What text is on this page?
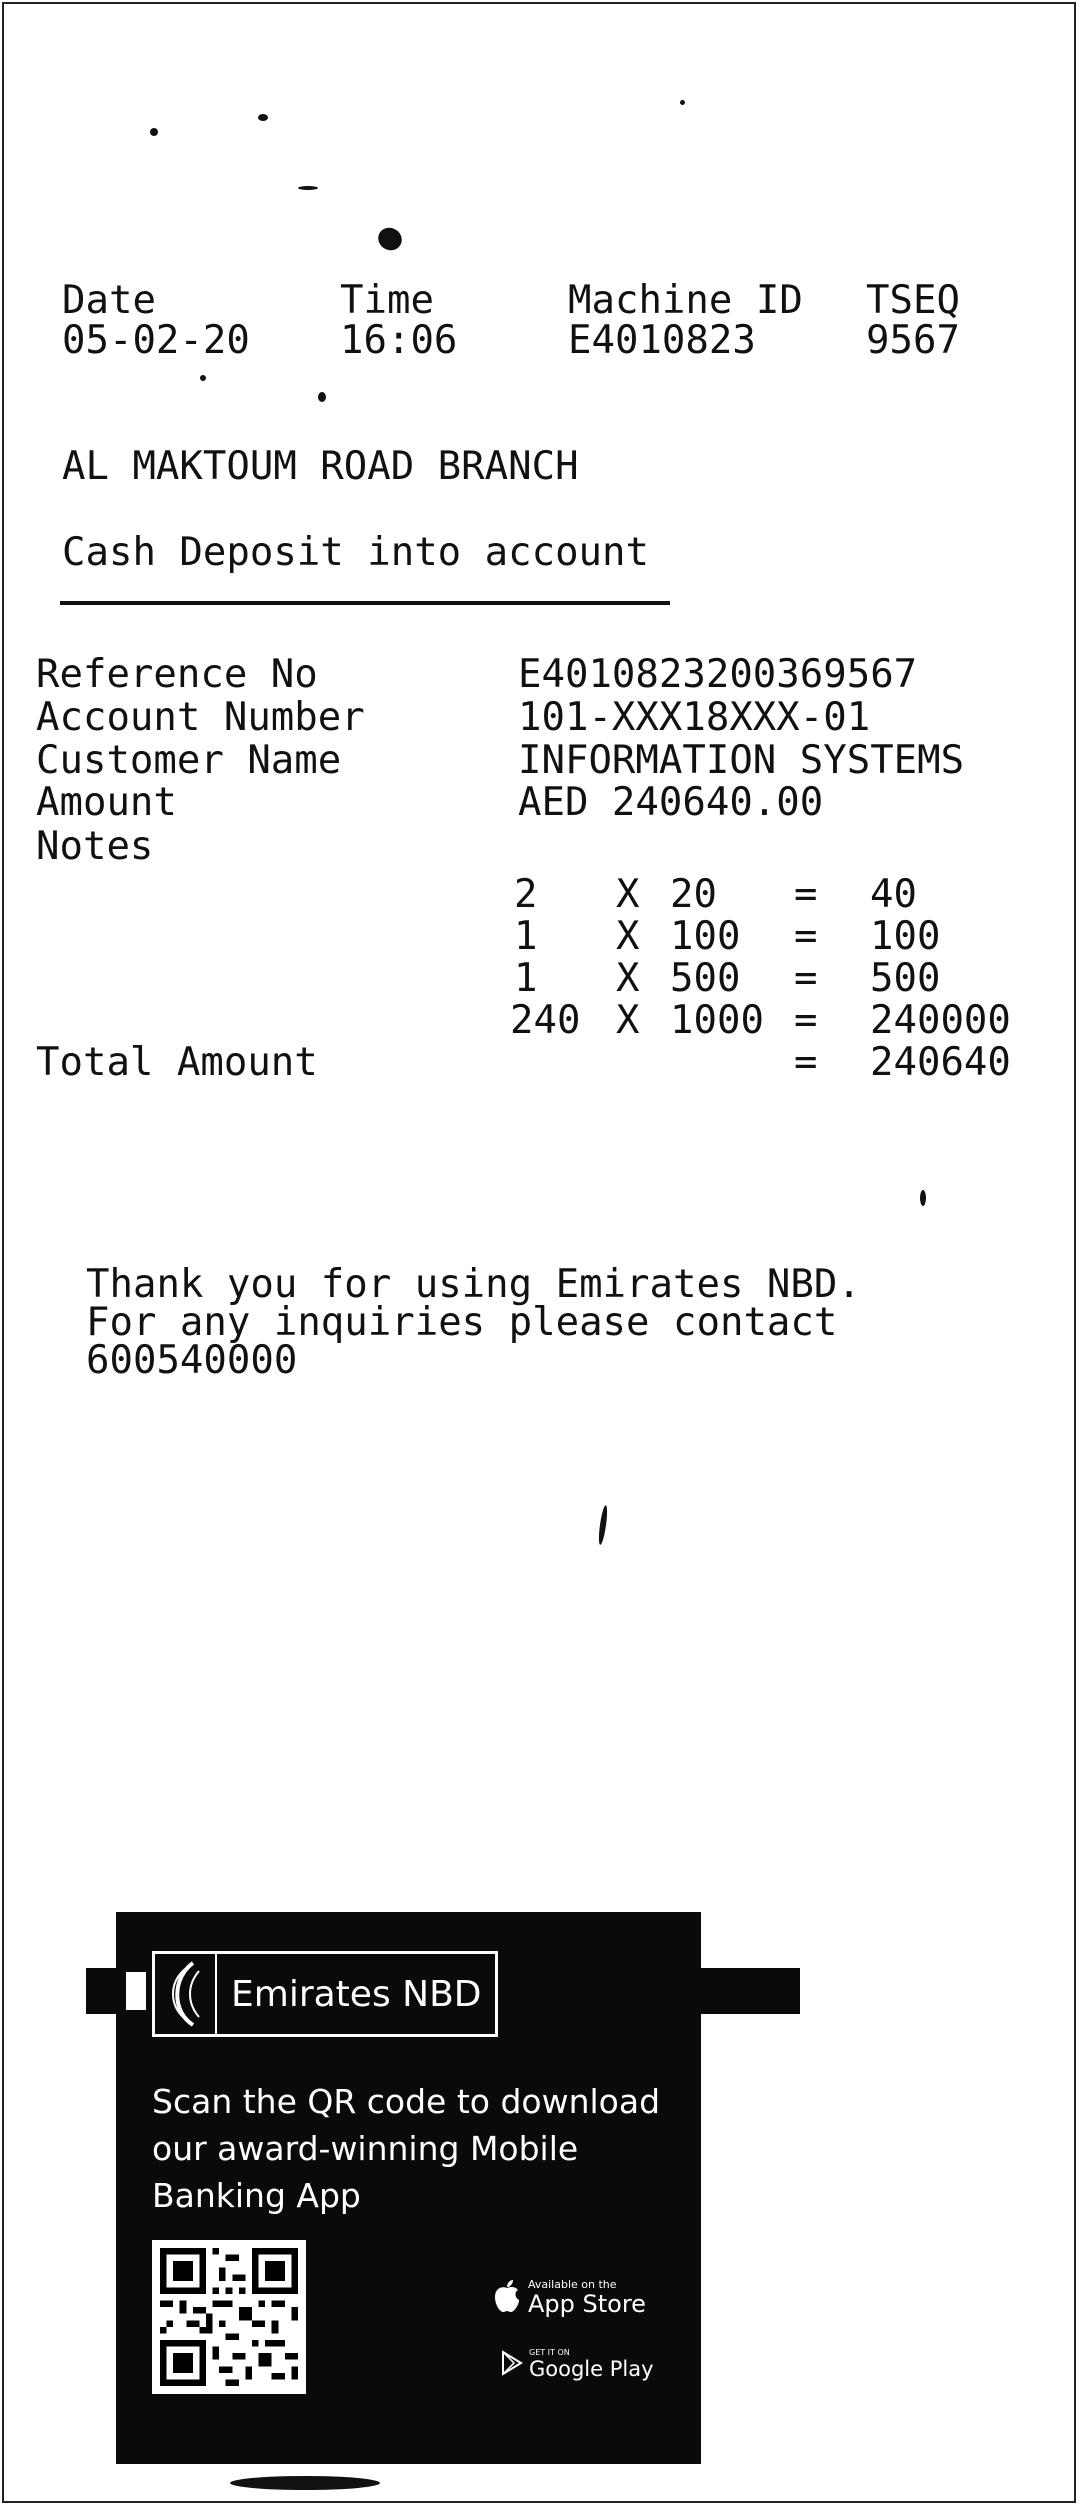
Date	Time	Machine ID TSEQ
05-02-20 16:06	E4010823	9567
AL MAKTOUM ROAD BRANCH
Cash Deposit into account
Reference No	E4010823200369567
Account Number	101-XXX18XXX-01
Customer Name	INFORMATION SYSTEMS
Amount	AED 240640.00
Notes
2 X 20 = 40
1 X 100 = 100
1 X 500 = 500
240 X 1000 = 240000
Total Amount	= 240640
Thank you for using Emirates NBD.
For any inquiries please contact
600540000
Emirates NBD
Scan the QR code to download
our award-winning Mobile
Banking App
Available on the
App Store
GET IT ON
Google Play
